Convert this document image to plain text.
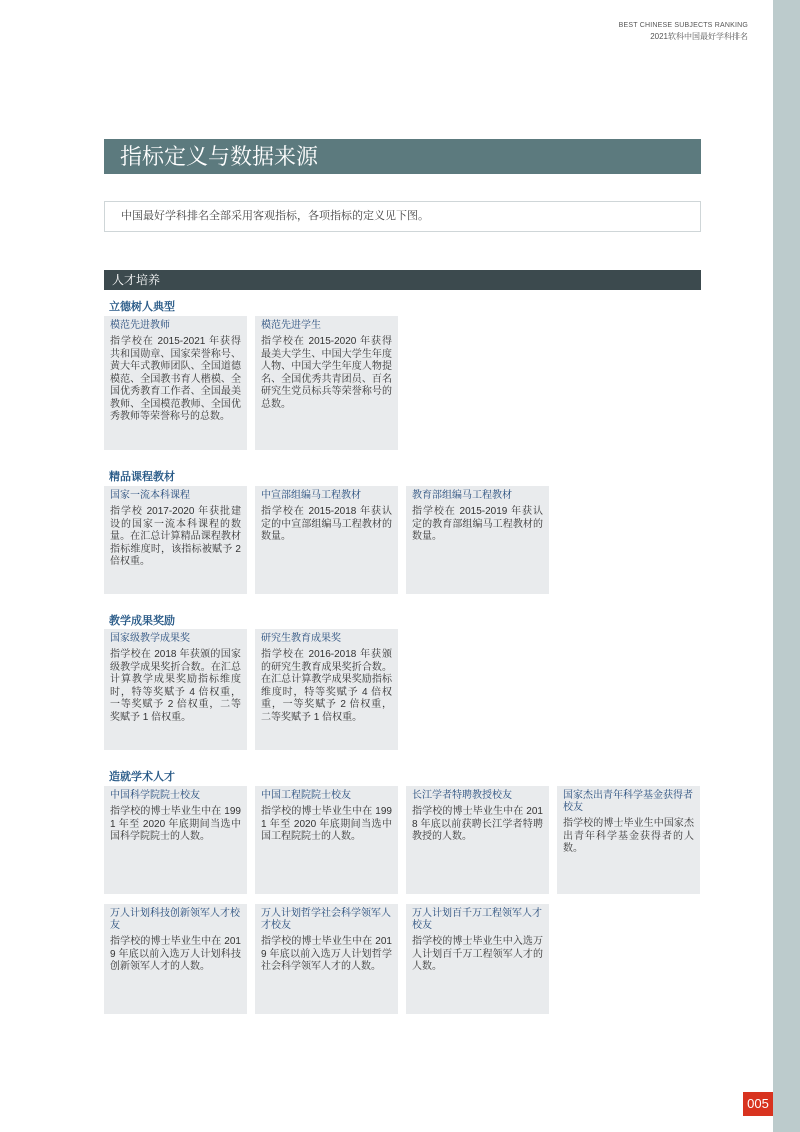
BEST CHINESE SUBJECTS RANKING
2021软科中国最好学科排名
指标定义与数据来源
中国最好学科排名全部采用客观指标，各项指标的定义见下图。
人才培养
立德树人典型
模范先进教师
指学校在 2015-2021 年获得共和国勋章、国家荣誉称号、黄大年式教师团队、全国道德模范、全国教书育人楷模、全国优秀教育工作者、全国最美教师、全国模范教师、全国优秀教师等荣誉称号的总数。
模范先进学生
指学校在 2015-2020 年获得最美大学生、中国大学生年度人物、中国大学生年度人物提名、全国优秀共青团员、百名研究生党员标兵等荣誉称号的总数。
精品课程教材
国家一流本科课程
指学校 2017-2020 年获批建设的国家一流本科课程的数量。在汇总计算精品课程教材指标维度时，该指标被赋予 2 倍权重。
中宣部组编马工程教材
指学校在 2015-2018 年获认定的中宣部组编马工程教材的数量。
教育部组编马工程教材
指学校在 2015-2019 年获认定的教育部组编马工程教材的数量。
教学成果奖励
国家级教学成果奖
指学校在 2018 年获颁的国家级教学成果奖折合数。在汇总计算教学成果奖励指标维度时，特等奖赋予 4 倍权重，一等奖赋予 2 倍权重，二等奖赋予 1 倍权重。
研究生教育成果奖
指学校在 2016-2018 年获颁的研究生教育成果奖折合数。在汇总计算教学成果奖励指标维度时，特等奖赋予 4 倍权重，一等奖赋予 2 倍权重，二等奖赋予 1 倍权重。
造就学术人才
中国科学院院士校友
指学校的博士毕业生中在 1991 年至 2020 年底期间当选中国科学院院士的人数。
中国工程院院士校友
指学校的博士毕业生中在 1991 年至 2020 年底期间当选中国工程院院士的人数。
长江学者特聘教授校友
指学校的博士毕业生中在 2018 年底以前获聘长江学者特聘教授的人数。
国家杰出青年科学基金获得者校友
指学校的博士毕业生中国家杰出青年科学基金获得者的人数。
万人计划科技创新领军人才校友
指学校的博士毕业生中在 2019 年底以前入选万人计划科技创新领军人才的人数。
万人计划哲学社会科学领军人才校友
指学校的博士毕业生中在 2019 年底以前入选万人计划哲学社会科学领军人才的人数。
万人计划百千万工程领军人才校友
指学校的博士毕业生中入选万人计划百千万工程领军人才的人数。
005
